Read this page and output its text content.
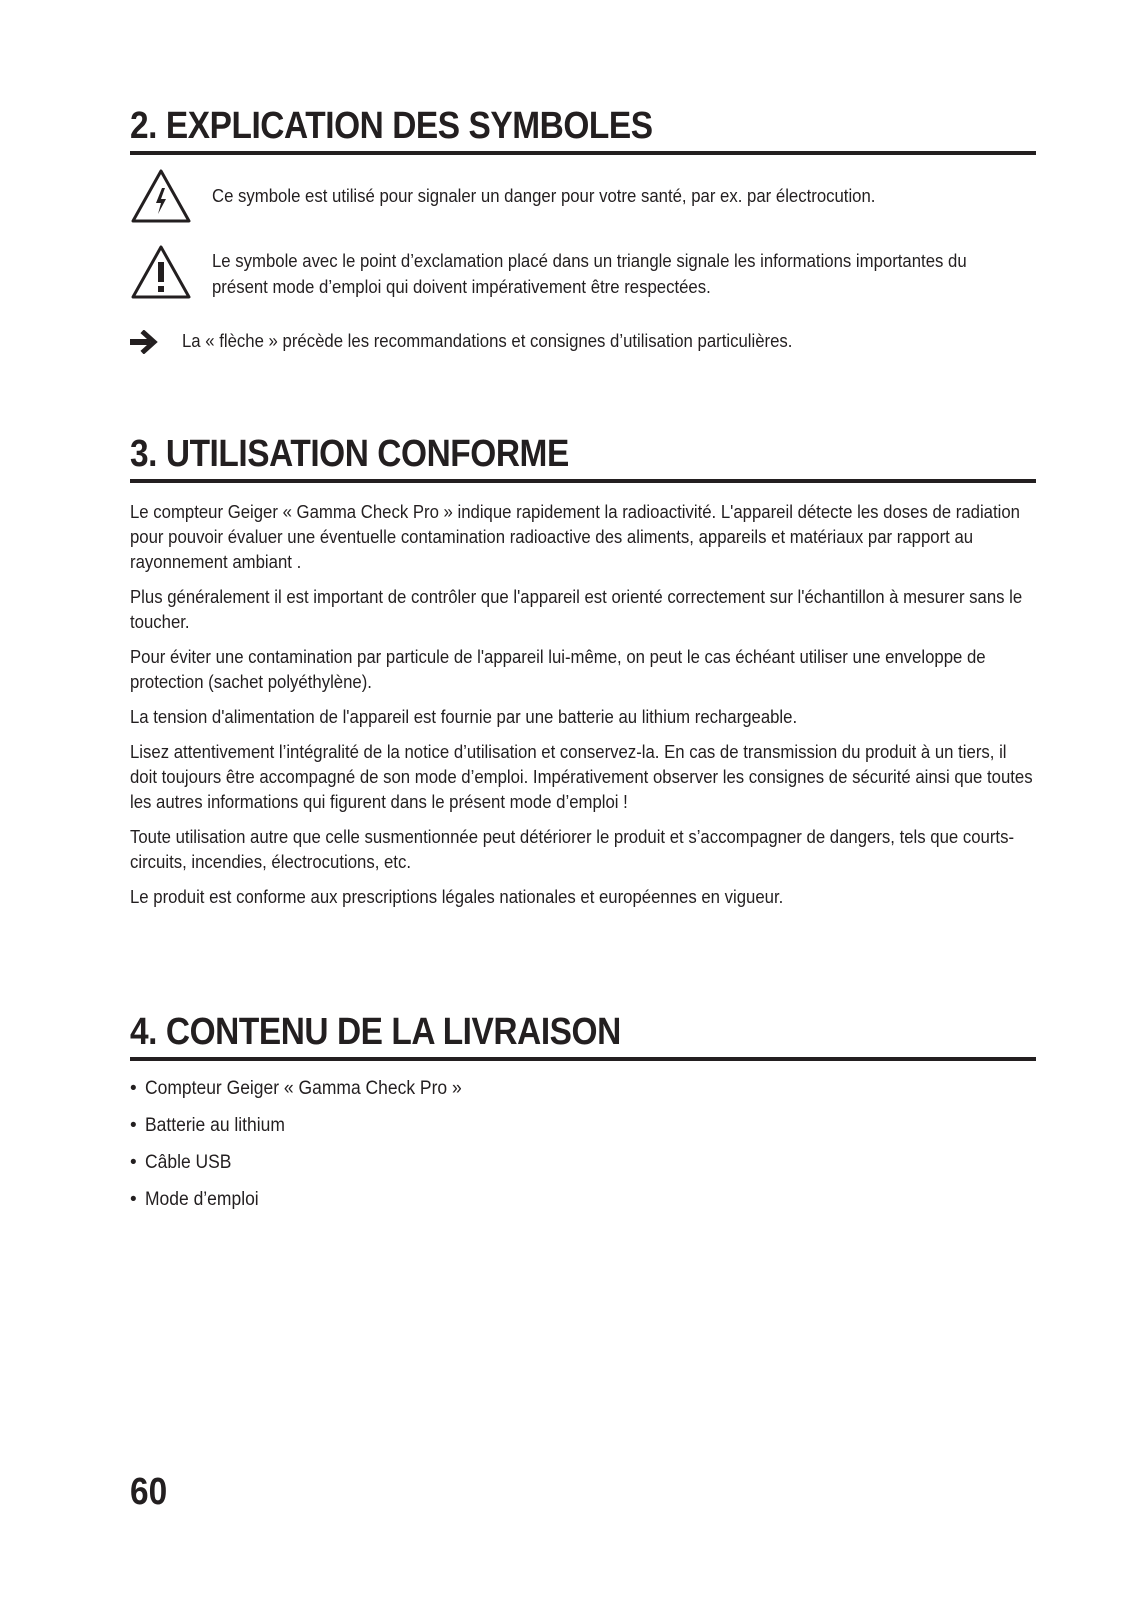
2. EXPLICATION DES SYMBOLES
Ce symbole est utilisé pour signaler un danger pour votre santé, par ex. par électrocution.
Le symbole avec le point d’exclamation placé dans un triangle signale les informations importantes du présent mode d’emploi qui doivent impérativement être respectées.
La « flèche » précède les recommandations et consignes d’utilisation particulières.
3. UTILISATION CONFORME

Le compteur Geiger « Gamma Check Pro » indique rapidement la radioactivité. L'appareil détecte les doses de radiation pour pouvoir évaluer une éventuelle contamination radioactive des aliments, appareils et matériaux par rapport au rayonnement ambiant .

Plus généralement il est important de contrôler que l'appareil est orienté correctement sur l'échantillon à mesurer sans le toucher.

Pour éviter une contamination par particule de l'appareil lui-même, on peut le cas échéant utiliser une enveloppe de protection (sachet polyéthylène).

La tension d'alimentation de l'appareil est fournie par une batterie au lithium rechargeable.

Lisez attentivement l’intégralité de la notice d’utilisation et conservez-la. En cas de transmission du produit à un tiers, il doit toujours être accompagné de son mode d’emploi. Impérativement observer les consignes de sécurité ainsi que toutes les autres informations qui figurent dans le présent mode d’emploi !

Toute utilisation autre que celle susmentionnée peut détériorer le produit et s’accompagner de dangers, tels que courts-circuits, incendies, électrocutions, etc.

Le produit est conforme aux prescriptions légales nationales et européennes en vigueur.

4. CONTENU DE LA LIVRAISON
• Compteur Geiger « Gamma Check Pro »
• Batterie au lithium
• Câble USB
• Mode d’emploi
60
